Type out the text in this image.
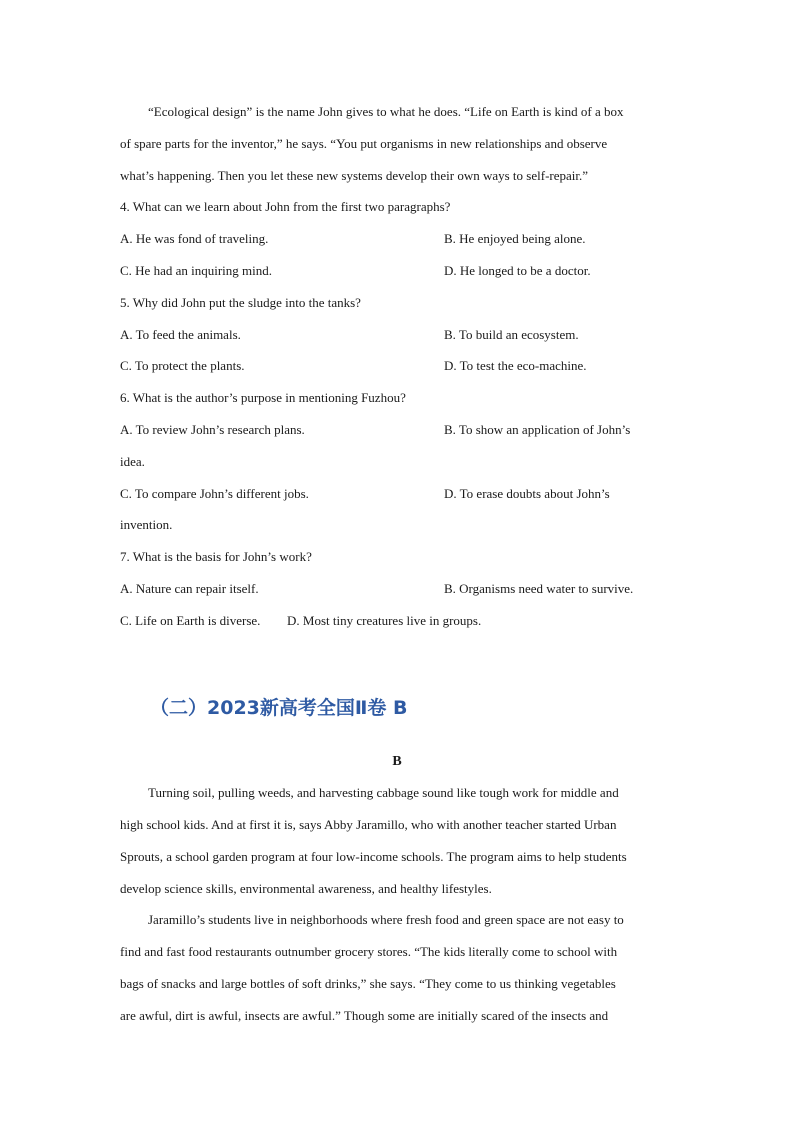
“Ecological design” is the name John gives to what he does. “Life on Earth is kind of a box
of spare parts for the inventor,” he says. “You put organisms in new relationships and observe
what’s happening. Then you let these new systems develop their own ways to self-repair.”
4. What can we learn about John from the first two paragraphs?
A. He was fond of traveling.	B. He enjoyed being alone.
C. He had an inquiring mind.	D. He longed to be a doctor.
5. Why did John put the sludge into the tanks?
A. To feed the animals.	B. To build an ecosystem.
C. To protect the plants.	D. To test the eco-machine.
6. What is the author’s purpose in mentioning Fuzhou?
A. To review John’s research plans.	B. To show an application of John’s
idea.
C. To compare John’s different jobs.	D. To erase doubts about John’s
invention.
7. What is the basis for John’s work?
A. Nature can repair itself.	B. Organisms need water to survive.
C. Life on Earth is diverse. D. Most tiny creatures live in groups.
（二）2023新高考全国Ⅱ卷 B
B
Turning soil, pulling weeds, and harvesting cabbage sound like tough work for middle and
high school kids. And at first it is, says Abby Jaramillo, who with another teacher started Urban
Sprouts, a school garden program at four low-income schools. The program aims to help students
develop science skills, environmental awareness, and healthy lifestyles.
Jaramillo’s students live in neighborhoods where fresh food and green space are not easy to
find and fast food restaurants outnumber grocery stores. “The kids literally come to school with
bags of snacks and large bottles of soft drinks,” she says. “They come to us thinking vegetables
are awful, dirt is awful, insects are awful.” Though some are initially scared of the insects and
